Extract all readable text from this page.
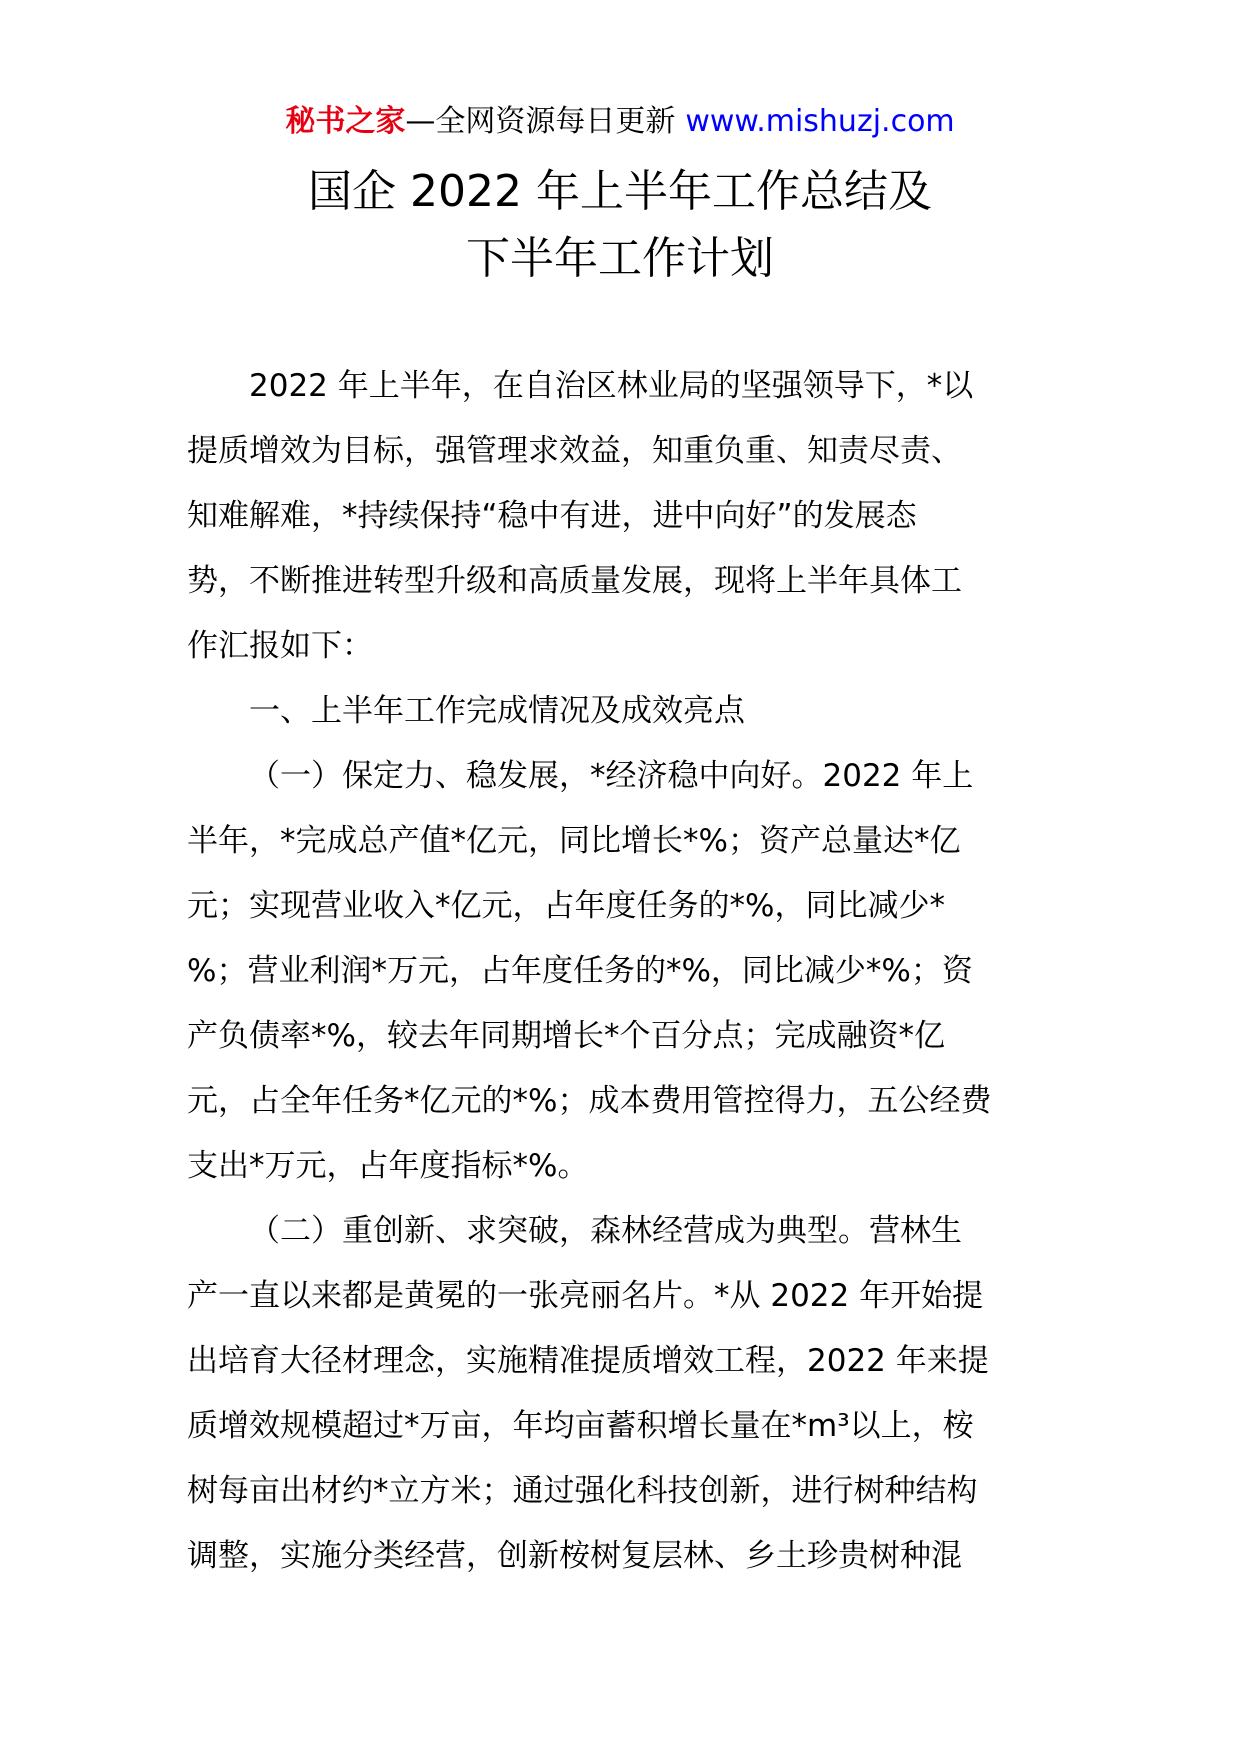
秘书之家—全网资源每日更新 www.mishuzj.com
国企 2022 年上半年工作总结及
下半年工作计划
2022 年上半年，在自治区林业局的坚强领导下，*以
提质增效为目标，强管理求效益，知重负重、知责尽责、
知难解难，*持续保持“稳中有进，进中向好”的发展态
势，不断推进转型升级和高质量发展，现将上半年具体工
作汇报如下：
一、上半年工作完成情况及成效亮点
（一）保定力、稳发展，*经济稳中向好。2022 年上
半年，*完成总产值*亿元，同比增长*%；资产总量达*亿
元；实现营业收入*亿元，占年度任务的*%，同比减少*
%；营业利润*万元，占年度任务的*%，同比减少*%；资
产负债率*%，较去年同期增长*个百分点；完成融资*亿
元，占全年任务*亿元的*%；成本费用管控得力，五公经费
支出*万元，占年度指标*%。
（二）重创新、求突破，森林经营成为典型。营林生
产一直以来都是黄冕的一张亮丽名片。*从 2022 年开始提
出培育大径材理念，实施精准提质增效工程，2022 年来提
质增效规模超过*万亩，年均亩蓄积增长量在*m³以上，桉
树每亩出材约*立方米；通过强化科技创新，进行树种结构
调整，实施分类经营，创新桉树复层林、乡土珍贵树种混
